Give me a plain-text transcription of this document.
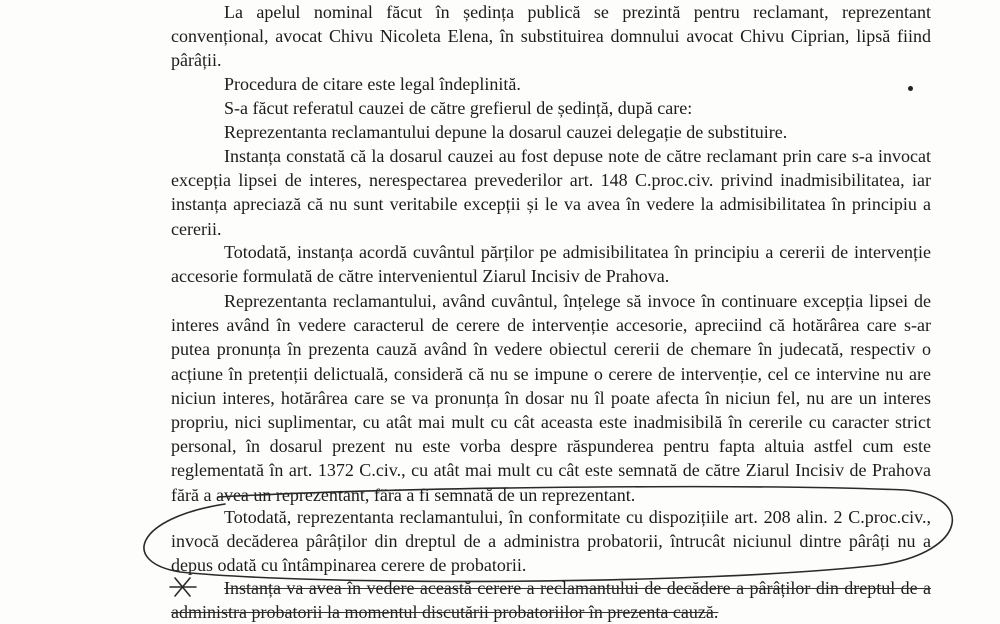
La apelul nominal făcut în ședința publică se prezintă pentru reclamant, reprezentant convențional, avocat Chivu Nicoleta Elena, în substituirea domnului avocat Chivu Ciprian, lipsă fiind pârâții.

Procedura de citare este legal îndeplinită.

S-a făcut referatul cauzei de către grefierul de ședință, după care:

Reprezentanta reclamantului depune la dosarul cauzei delegație de substituire.

Instanța constată că la dosarul cauzei au fost depuse note de către reclamant prin care s-a invocat excepția lipsei de interes, nerespectarea prevederilor art. 148 C.proc.civ. privind inadmisibilitatea, iar instanța apreciază că nu sunt veritabile excepții și le va avea în vedere la admisibilitatea în principiu a cererii.

Totodată, instanța acordă cuvântul părților pe admisibilitatea în principiu a cererii de intervenție accesorie formulată de către intervenientul Ziarul Incisiv de Prahova.

Reprezentanta reclamantului, având cuvântul, înțelege să invoce în continuare excepția lipsei de interes având în vedere caracterul de cerere de intervenție accesorie, apreciind că hotărârea care s-ar putea pronunța în prezenta cauză având în vedere obiectul cererii de chemare în judecată, respectiv o acțiune în pretenții delictuală, consideră că nu se impune o cerere de intervenție, cel ce intervine nu are niciun interes, hotărârea care se va pronunța în dosar nu îl poate afecta în niciun fel, nu are un interes propriu, nici suplimentar, cu atât mai mult cu cât aceasta este inadmisibilă în cererile cu caracter strict personal, în dosarul prezent nu este vorba despre răspunderea pentru fapta altuia astfel cum este reglementată în art. 1372 C.civ., cu atât mai mult cu cât este semnată de către Ziarul Incisiv de Prahova fără a avea un reprezentant, fără a fi semnată de un reprezentant.

Totodată, reprezentanta reclamantului, în conformitate cu dispozițiile art. 208 alin. 2 C.proc.civ., invocă decăderea pârâților din dreptul de a administra probatorii, întrucât niciunul dintre pârâți nu a depus odată cu întâmpinarea cerere de probatorii.

Instanța va avea în vedere această cerere a reclamantului de decădere a pârâților din dreptul de a administra probatorii la momentul discutării probatoriilor în prezenta cauză.
